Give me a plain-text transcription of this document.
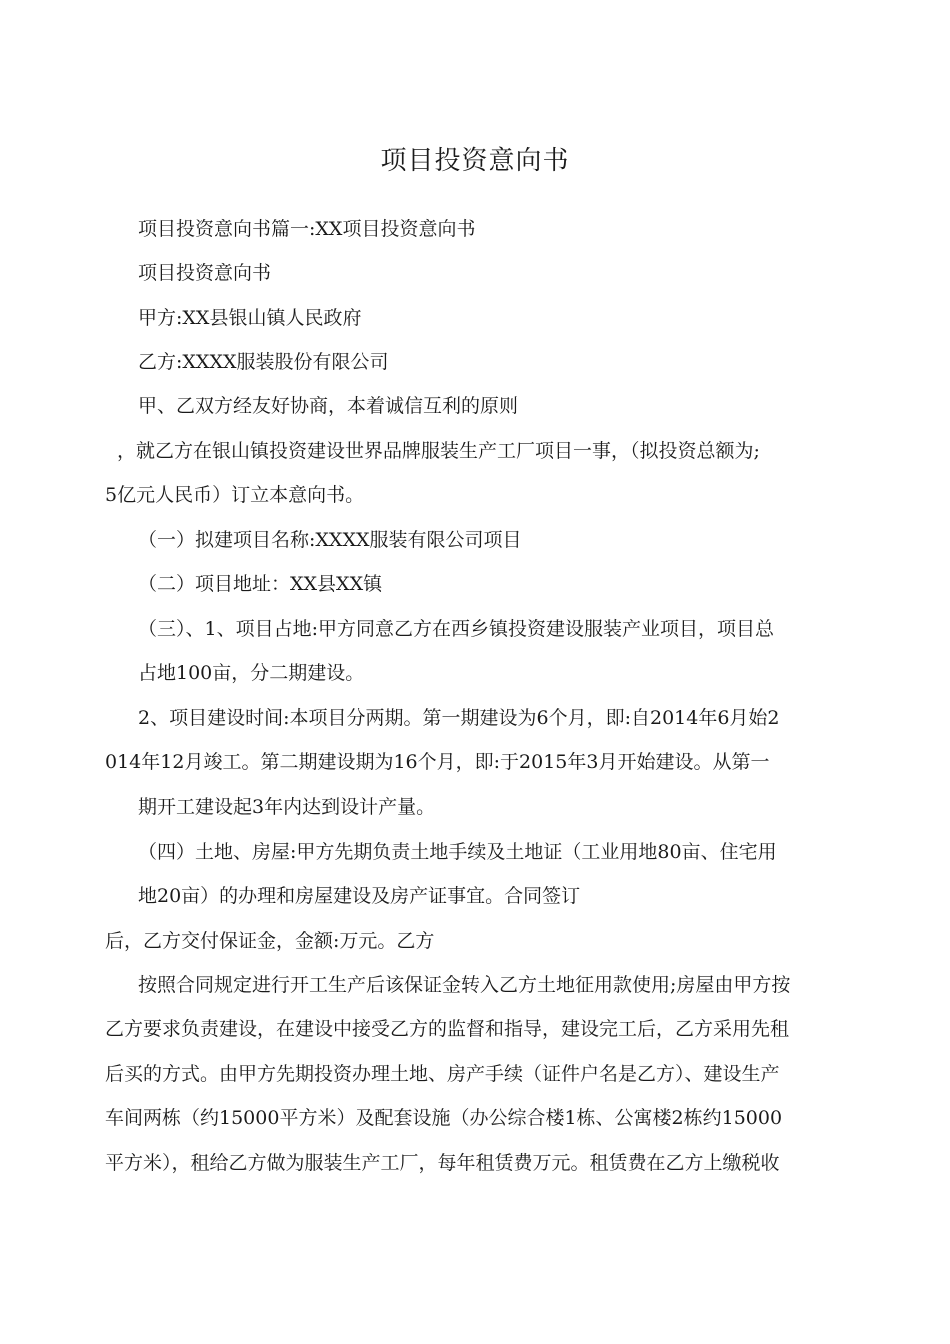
项目投资意向书
项目投资意向书篇一:XX项目投资意向书
项目投资意向书
甲方:XX县银山镇人民政府
乙方:XXXX服装股份有限公司
甲、乙双方经友好协商，本着诚信互利的原则
，就乙方在银山镇投资建设世界品牌服装生产工厂项目一事，（拟投资总额为;
5亿元人民币）订立本意向书。
（一）拟建项目名称:XXXX服装有限公司项目
（二）项目地址：XX县XX镇
（三）、1、项目占地:甲方同意乙方在西乡镇投资建设服装产业项目，项目总
占地100亩，分二期建设。
2、项目建设时间:本项目分两期。第一期建设为6个月，即:自2014年6月始2
014年12月竣工。第二期建设期为16个月，即:于2015年3月开始建设。从第一
期开工建设起3年内达到设计产量。
（四）土地、房屋:甲方先期负责土地手续及土地证（工业用地80亩、住宅用
地20亩）的办理和房屋建设及房产证事宜。合同签订
后，乙方交付保证金，金额:万元。乙方
按照合同规定进行开工生产后该保证金转入乙方土地征用款使用;房屋由甲方按
乙方要求负责建设，在建设中接受乙方的监督和指导，建设完工后，乙方采用先租
后买的方式。由甲方先期投资办理土地、房产手续（证件户名是乙方）、建设生产
车间两栋（约15000平方米）及配套设施（办公综合楼1栋、公寓楼2栋约15000
平方米），租给乙方做为服装生产工厂，每年租赁费万元。租赁费在乙方上缴税收
